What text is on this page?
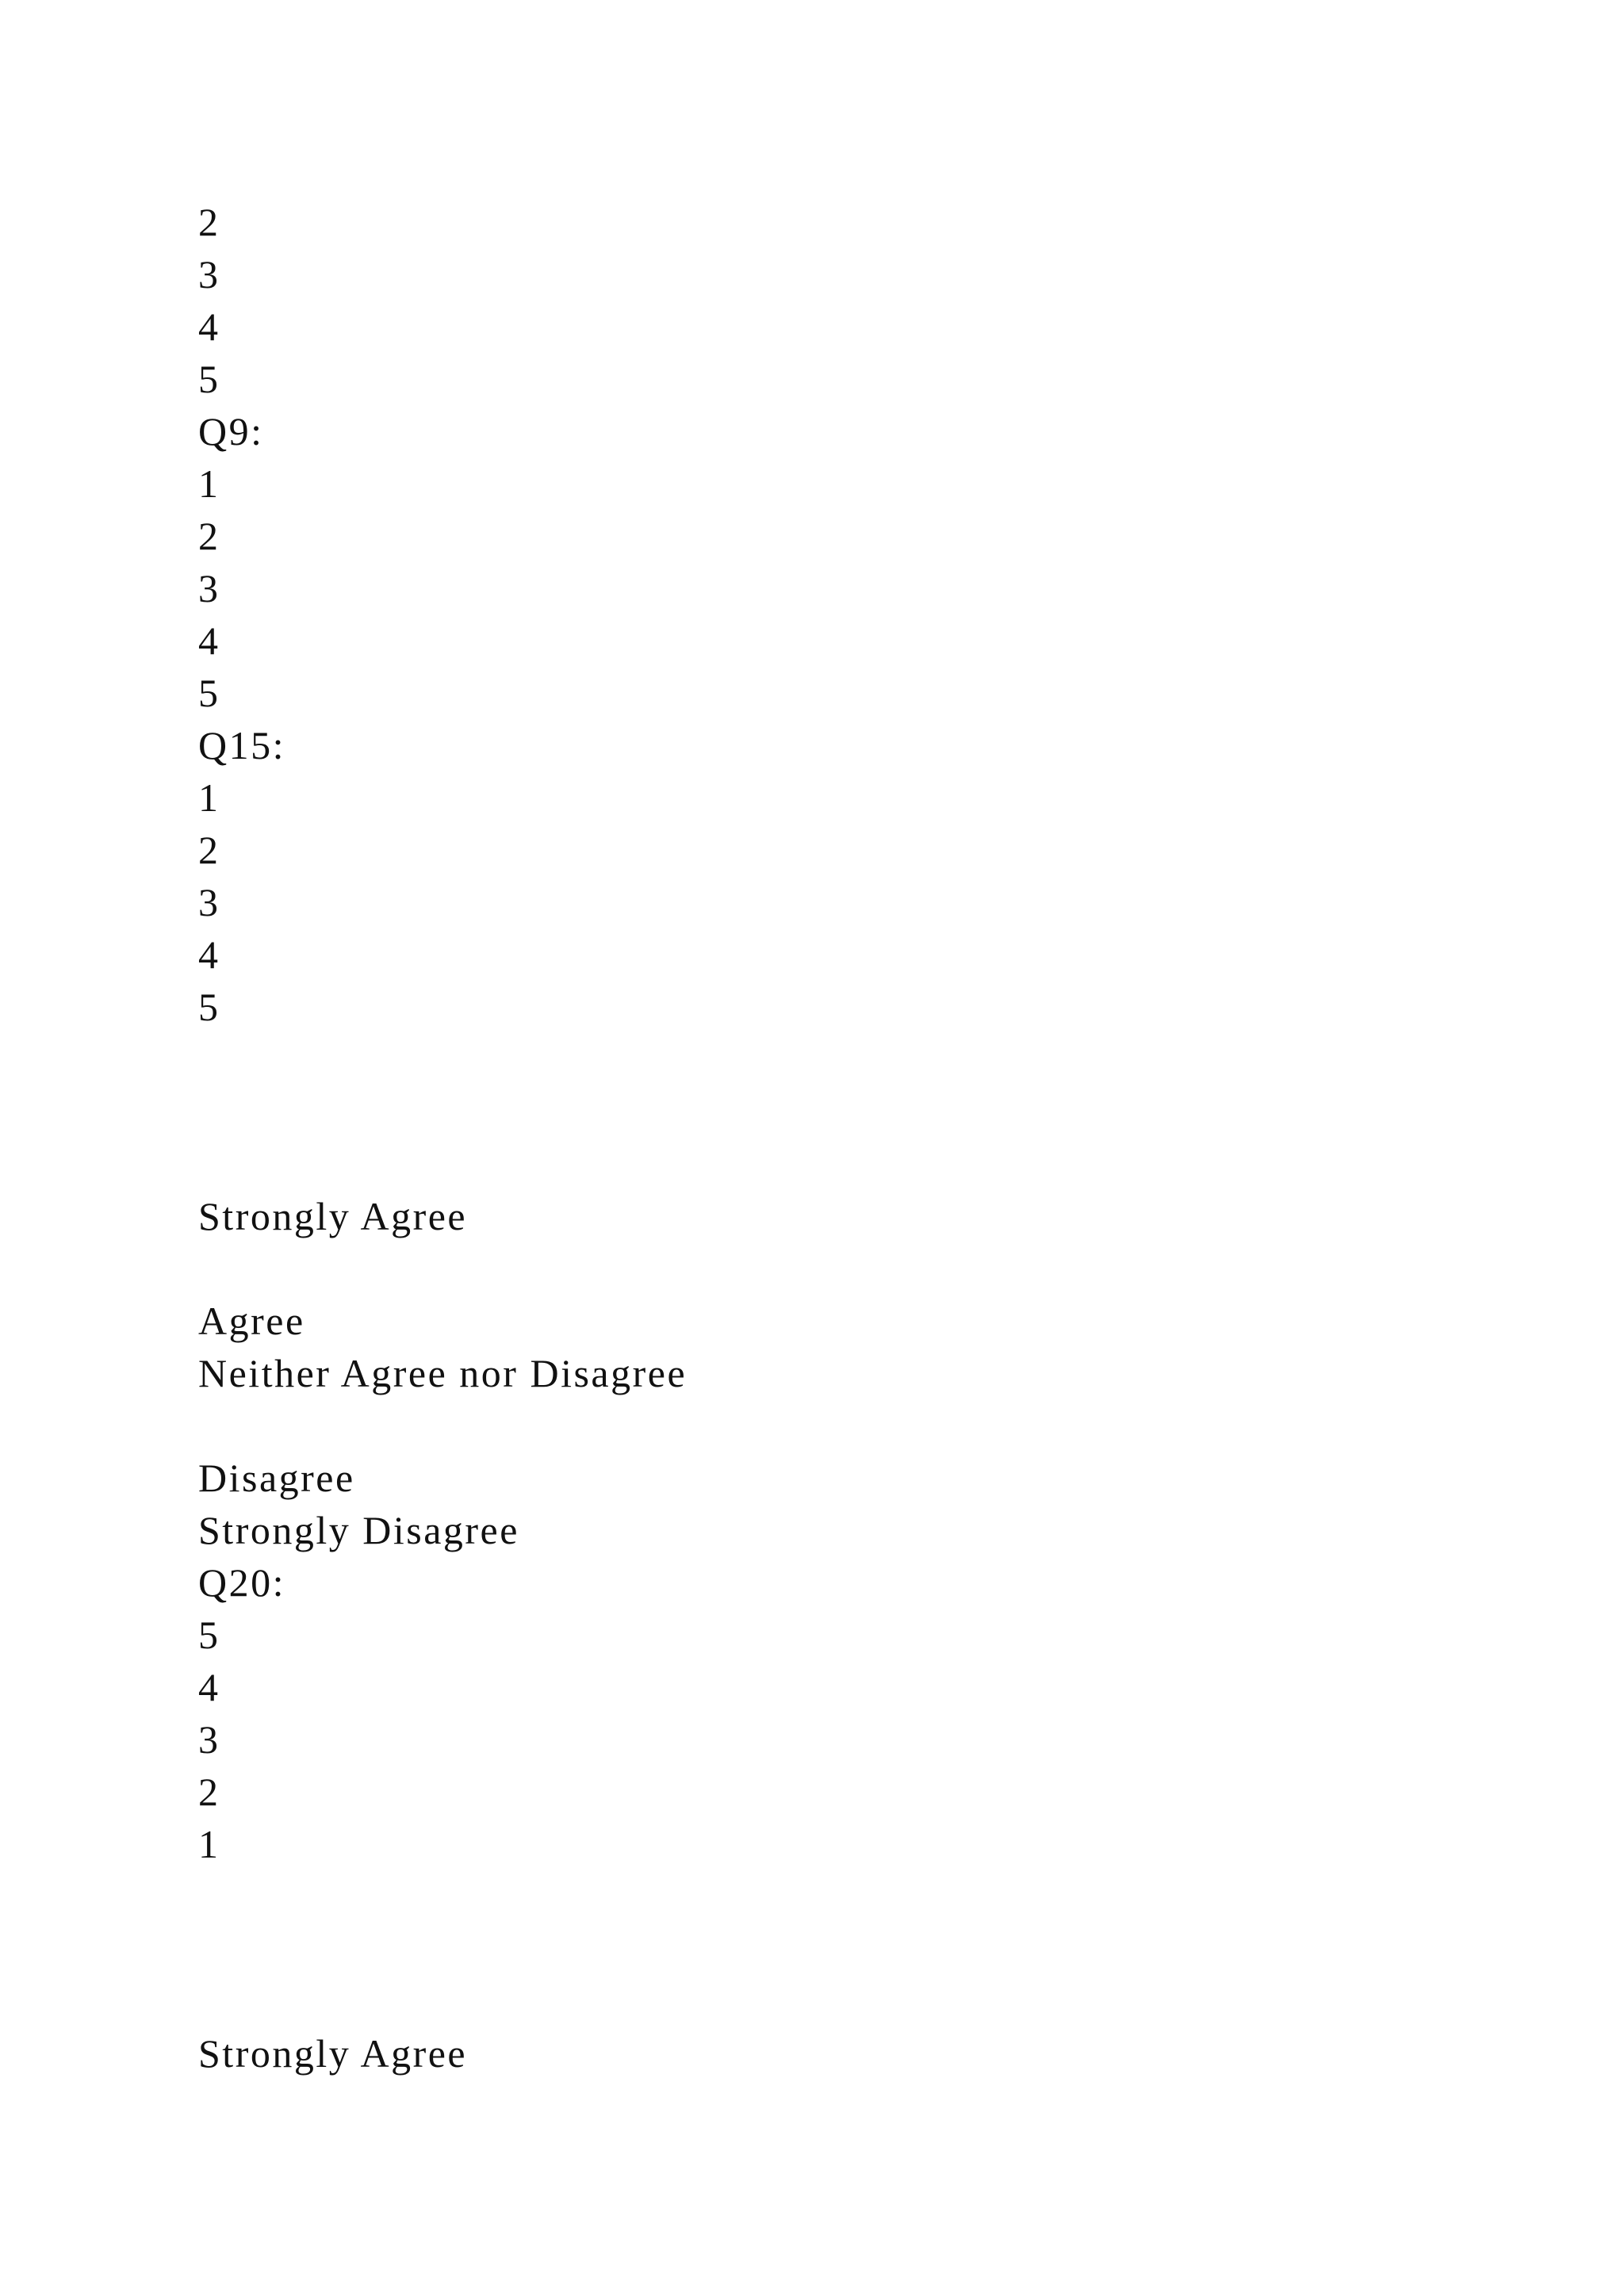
2
3
4
5
Q9:
1
2
3
4
5
Q15:
1
2
3
4
5
Strongly Agree
Agree
Neither Agree nor Disagree
Disagree
Strongly Disagree
Q20:
5
4
3
2
1
Strongly Agree
